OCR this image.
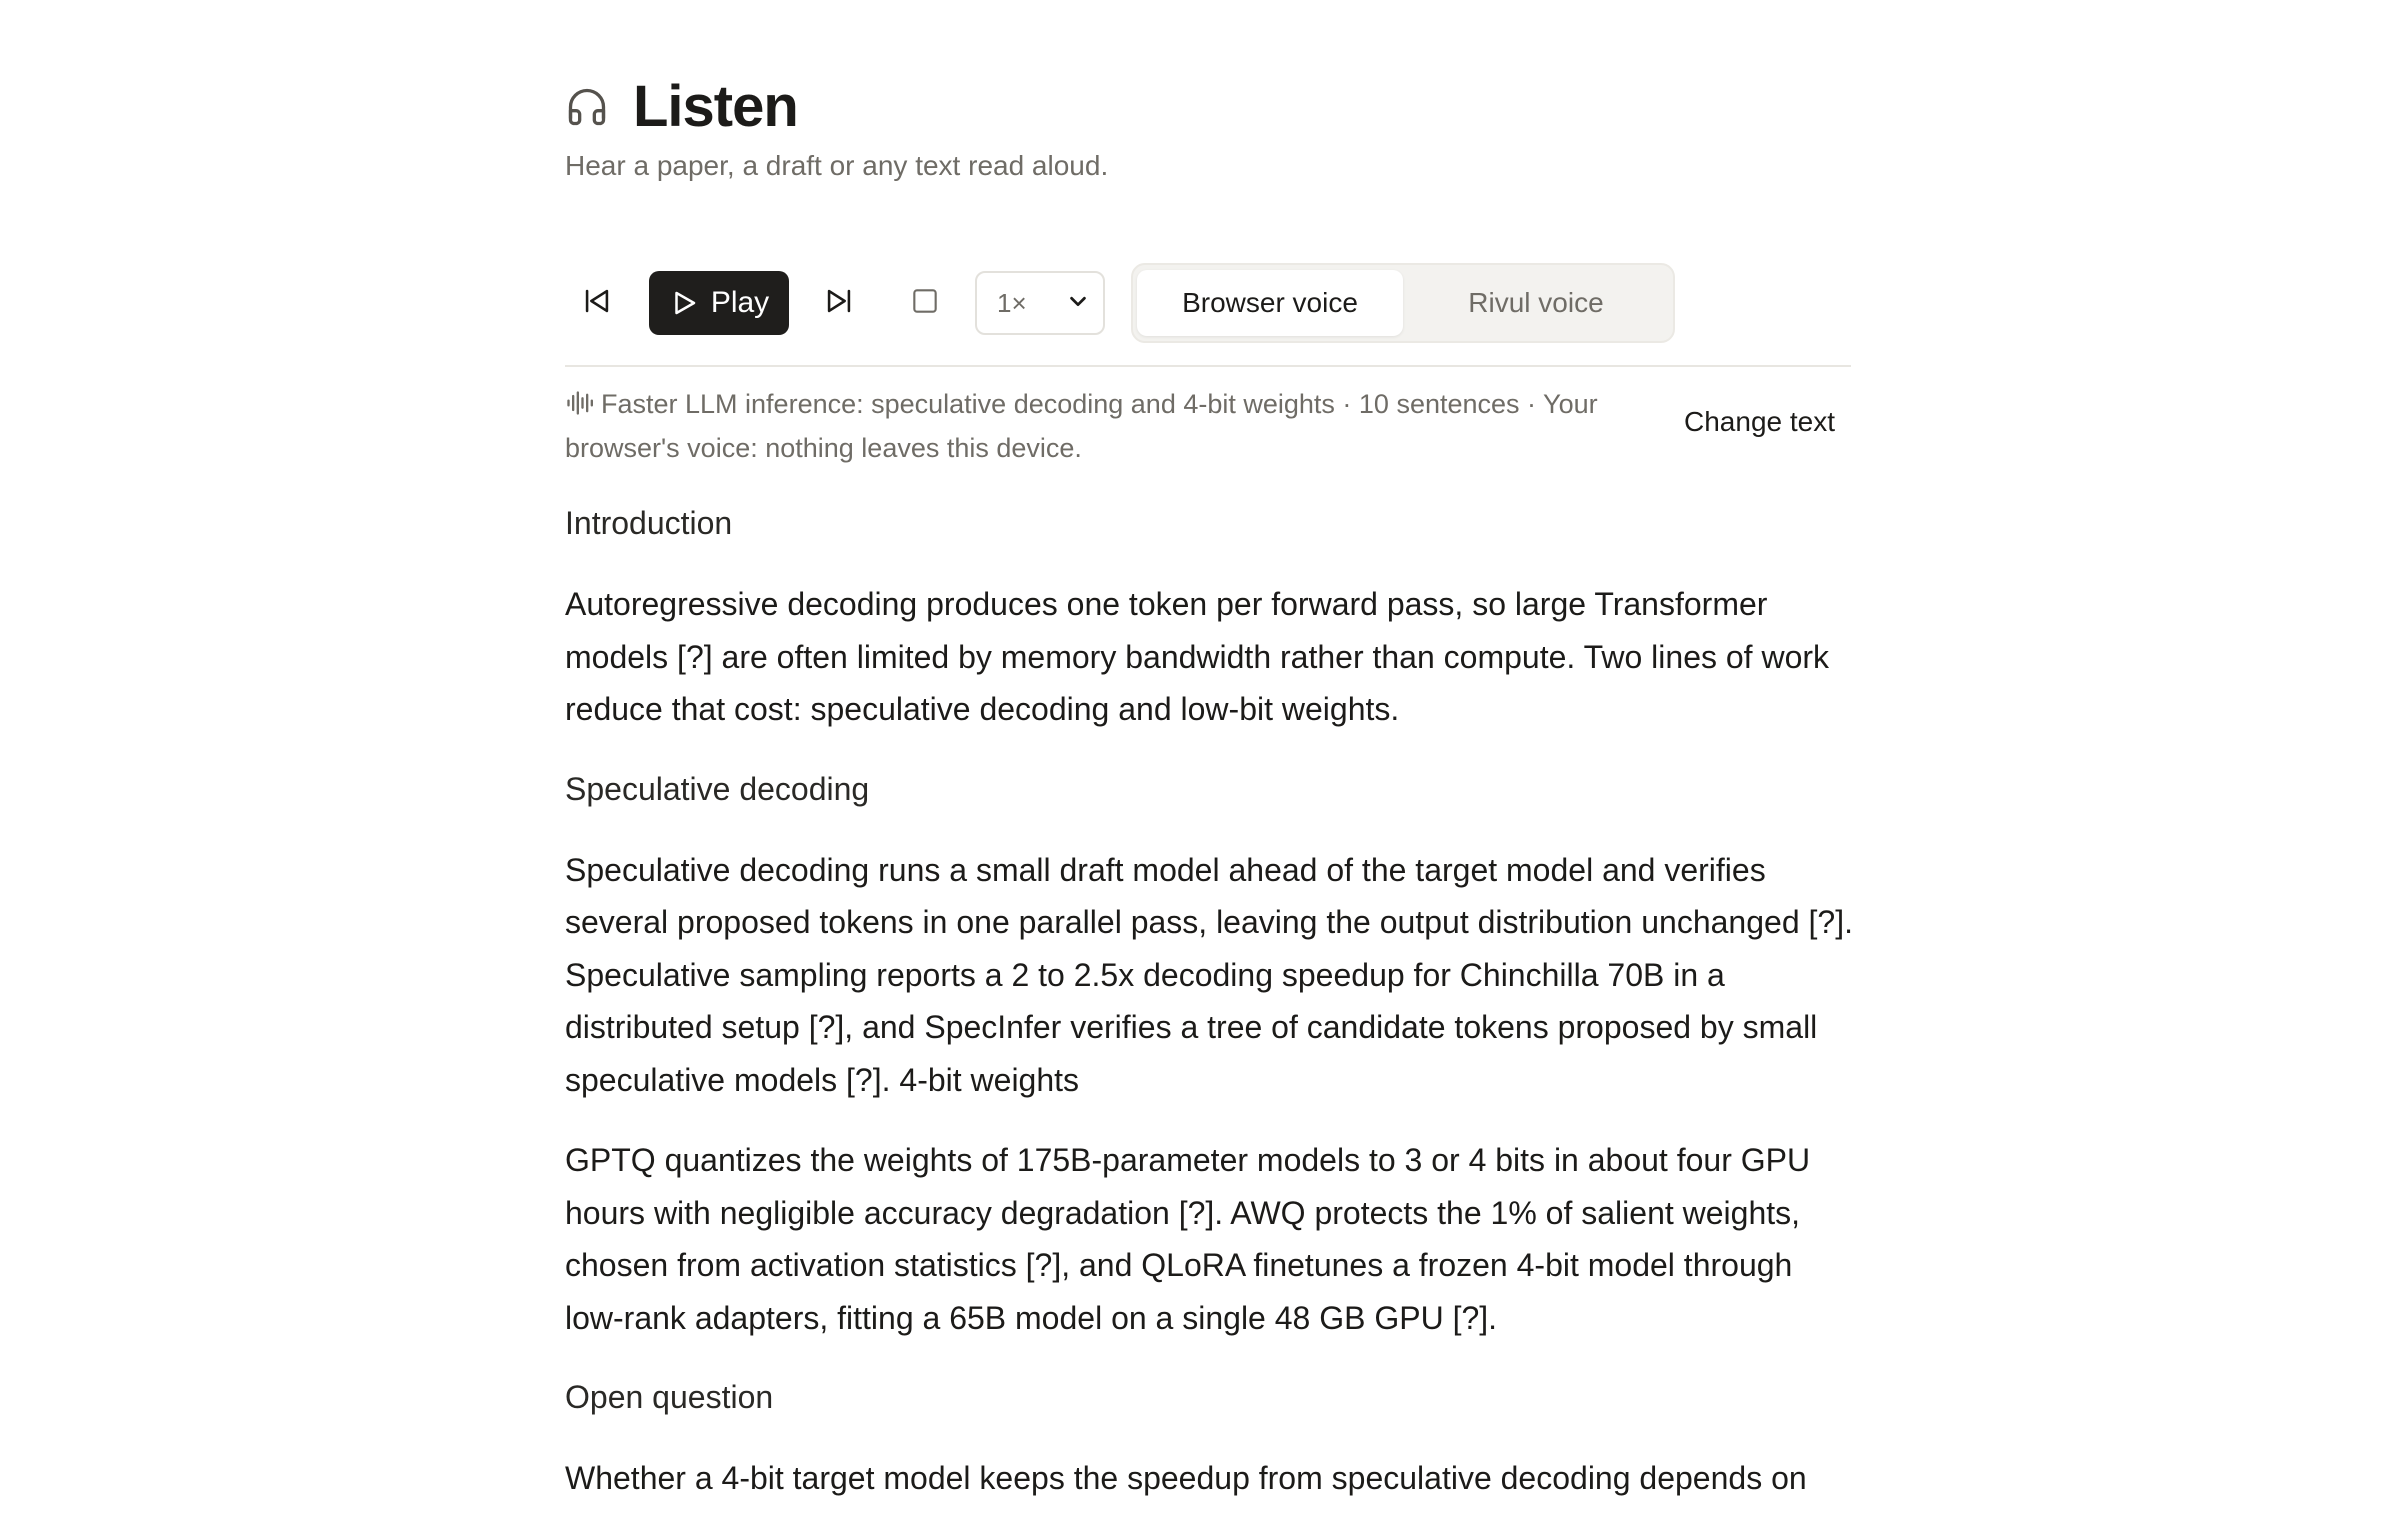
Listen
Hear a paper, a draft or any text read aloud.
Play	1×	Browser voice	Rivul voice
Faster LLM inference: speculative decoding and 4-bit weights · 10 sentences · Your browser's voice: nothing leaves this device.
Change text

Introduction

Autoregressive decoding produces one token per forward pass, so large Transformer models [?] are often limited by memory bandwidth rather than compute. Two lines of work reduce that cost: speculative decoding and low-bit weights.

Speculative decoding

Speculative decoding runs a small draft model ahead of the target model and verifies several proposed tokens in one parallel pass, leaving the output distribution unchanged [?]. Speculative sampling reports a 2 to 2.5x decoding speedup for Chinchilla 70B in a distributed setup [?], and SpecInfer verifies a tree of candidate tokens proposed by small speculative models [?]. 4-bit weights

GPTQ quantizes the weights of 175B-parameter models to 3 or 4 bits in about four GPU hours with negligible accuracy degradation [?]. AWQ protects the 1% of salient weights, chosen from activation statistics [?], and QLoRA finetunes a frozen 4-bit model through low-rank adapters, fitting a 65B model on a single 48 GB GPU [?].

Open question

Whether a 4-bit target model keeps the speedup from speculative decoding depends on
